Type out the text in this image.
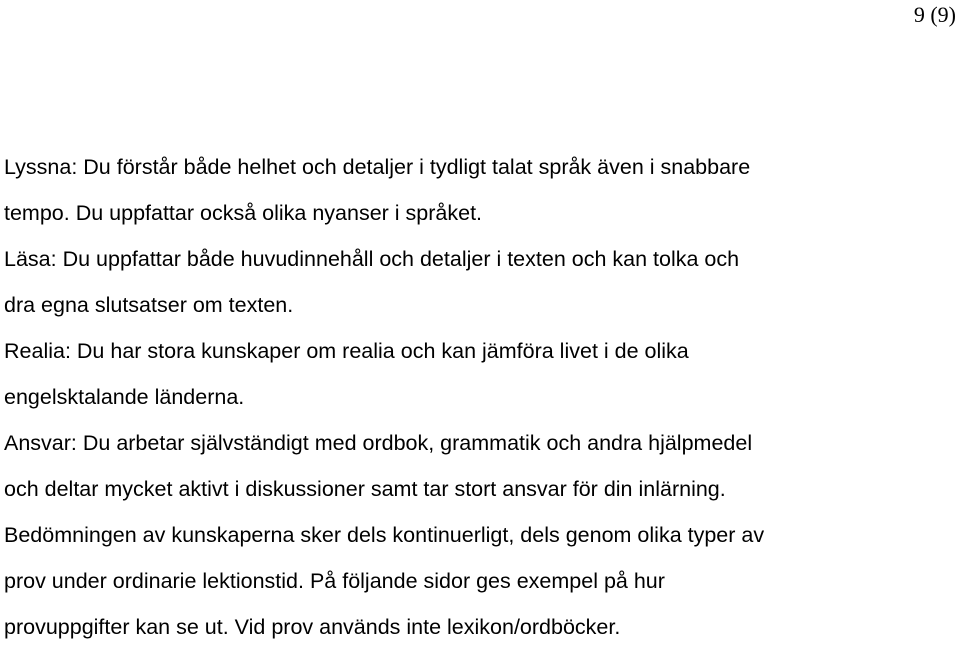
9 (9)
Lyssna: Du förstår både helhet och detaljer i tydligt talat språk även i snabbare
tempo. Du uppfattar också olika nyanser i språket.
Läsa: Du uppfattar både huvudinnehåll och detaljer i texten och kan tolka och
dra egna slutsatser om texten.
Realia: Du har stora kunskaper om realia och kan jämföra livet i de olika
engelsktalande länderna.
Ansvar: Du arbetar självständigt med ordbok, grammatik och andra hjälpmedel
och deltar mycket aktivt i diskussioner samt tar stort ansvar för din inlärning.
Bedömningen av kunskaperna sker dels kontinuerligt, dels genom olika typer av
prov under ordinarie lektionstid. På följande sidor ges exempel på hur
provuppgifter kan se ut. Vid prov används inte lexikon/ordböcker.
